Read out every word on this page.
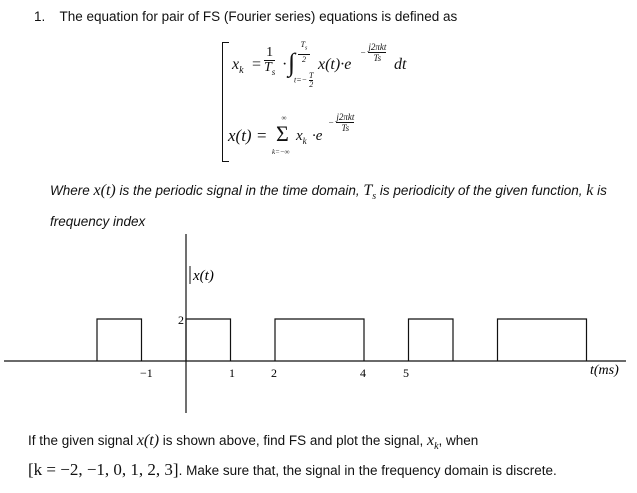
1. The equation for pair of FS (Fourier series) equations is defined as
$x_k = \frac{1}{T_s}$ · ∫
$T_s$
2
$t=- \frac{T}{2}$
x(t)·e
−
j2πkt
Ts dt
x(t) =
∞
Σ
k=−∞
$x_k \cdot e$
−
j2πkt
Ts
Where x(t) is the periodic signal in the time domain, $T_s$ is periodicity of the given function, k is frequency index
x(t)
2
−1	1	2	4	5	t(ms)
If the given signal x(t) is shown above, find FS and plot the signal, $x_k$, when
[k = −2, −1, 0, 1, 2, 3]. Make sure that, the signal in the frequency domain is discrete.
